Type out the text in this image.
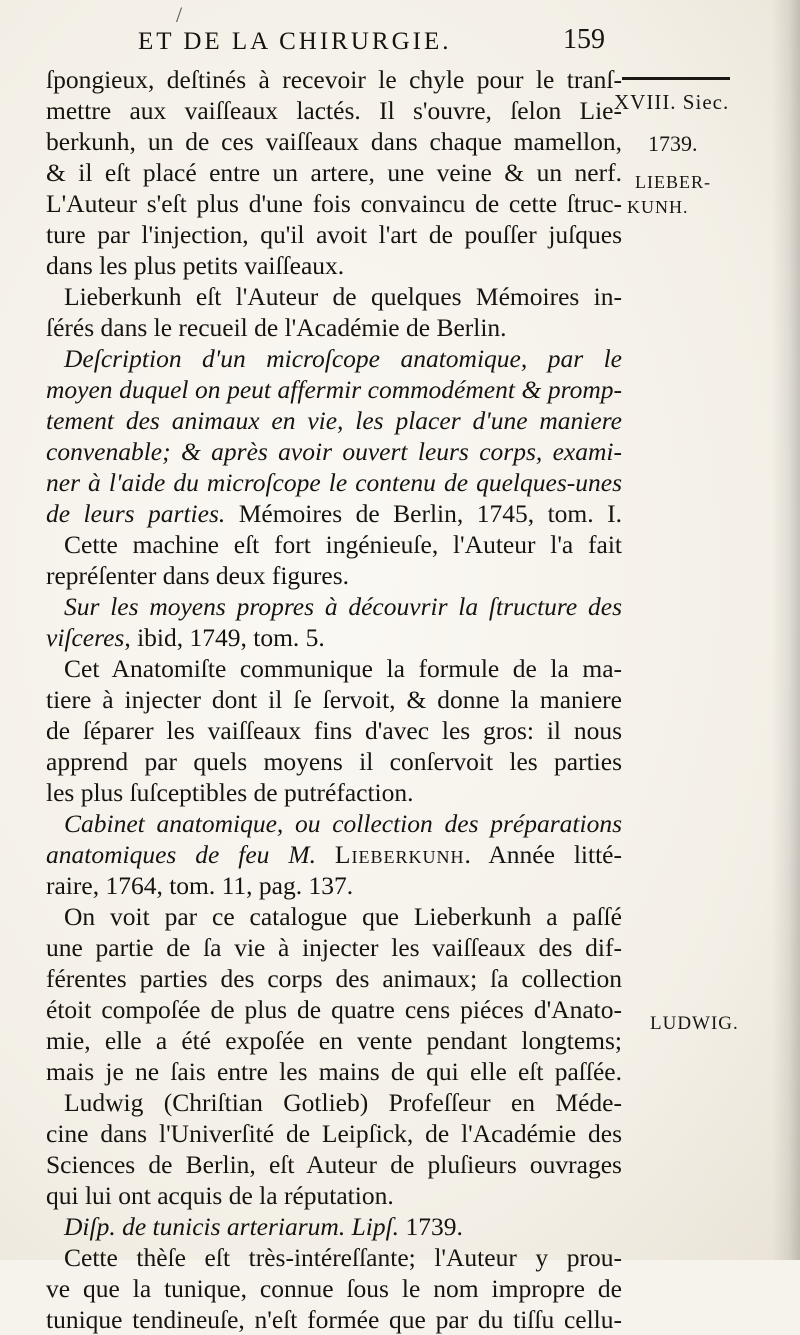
/
ET DE LA CHIRURGIE.	159
ſpongieux, deſtinés à recevoir le chyle pour le tranſ-
mettre aux vaiſſeaux lactés. Il s'ouvre, ſelon Lie-
berkunh, un de ces vaiſſeaux dans chaque mamellon,
& il eſt placé entre un artere, une veine & un nerf.
L'Auteur s'eſt plus d'une fois convaincu de cette ſtruc-
ture par l'injection, qu'il avoit l'art de pouſſer juſques
dans les plus petits vaiſſeaux.
Lieberkunh eſt l'Auteur de quelques Mémoires in-
ſérés dans le recueil de l'Académie de Berlin.
Deſcription d'un microſcope anatomique, par le
moyen duquel on peut affermir commodément & promp-
tement des animaux en vie, les placer d'une maniere
convenable; & après avoir ouvert leurs corps, exami-
ner à l'aide du microſcope le contenu de quelques-unes
de leurs parties. Mémoires de Berlin, 1745, tom. I.
Cette machine eſt fort ingénieuſe, l'Auteur l'a fait
repréſenter dans deux figures.
Sur les moyens propres à découvrir la ſtructure des
viſceres, ibid, 1749, tom. 5.
Cet Anatomiſte communique la formule de la ma-
tiere à injecter dont il ſe ſervoit, & donne la maniere
de ſéparer les vaiſſeaux fins d'avec les gros: il nous
apprend par quels moyens il conſervoit les parties
les plus ſuſceptibles de putréfaction.
Cabinet anatomique, ou collection des préparations
anatomiques de feu M. Lieberkunh. Année litté-
raire, 1764, tom. 11, pag. 137.
On voit par ce catalogue que Lieberkunh a paſſé
une partie de ſa vie à injecter les vaiſſeaux des dif-
férentes parties des corps des animaux; ſa collection
étoit compoſée de plus de quatre cens piéces d'Anato-
mie, elle a été expoſée en vente pendant longtems;
mais je ne ſais entre les mains de qui elle eſt paſſée.
Ludwig (Chriſtian Gotlieb) Profeſſeur en Méde-
cine dans l'Univerſité de Leipſick, de l'Académie des
Sciences de Berlin, eſt Auteur de pluſieurs ouvrages
qui lui ont acquis de la réputation.
Diſp. de tunicis arteriarum. Lipſ. 1739.
Cette thèſe eſt très-intéreſſante; l'Auteur y prou-
ve que la tunique, connue ſous le nom impropre de
tunique tendineuſe, n'eſt formée que par du tiſſu cellu-
XVIII. Siec.
1739.
LIEBER-
KUNH.
LUDWIG.
